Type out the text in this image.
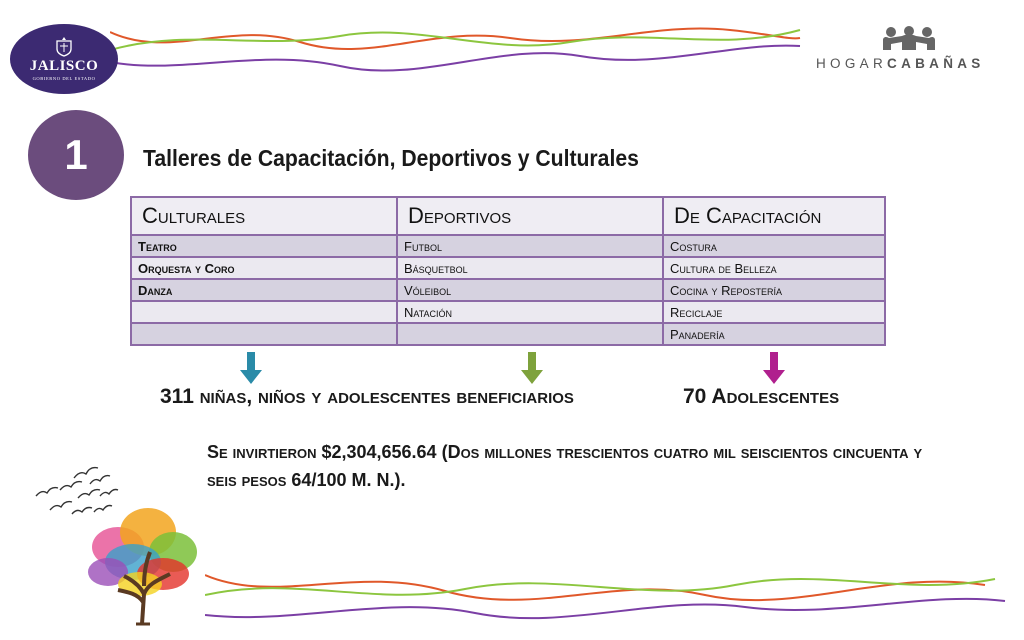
JALISCO
GOBIERNO DEL ESTADO
HOGARCABAÑAS
1	Talleres de Capacitación, Deportivos y Culturales
Culturales	Deportivos	De Capacitación
Teatro	Futbol	Costura
Orquesta y Coro	Básquetbol	Cultura de Belleza
Danza	Vóleibol	Cocina y Repostería
	Natación	Reciclaje
		Panadería
311 niñas, niños y adolescentes beneficiarios	70 Adolescentes
Se invirtieron $2,304,656.64 (Dos millones trescientos cuatro mil seiscientos cincuenta y seis pesos 64/100 M. N.).
